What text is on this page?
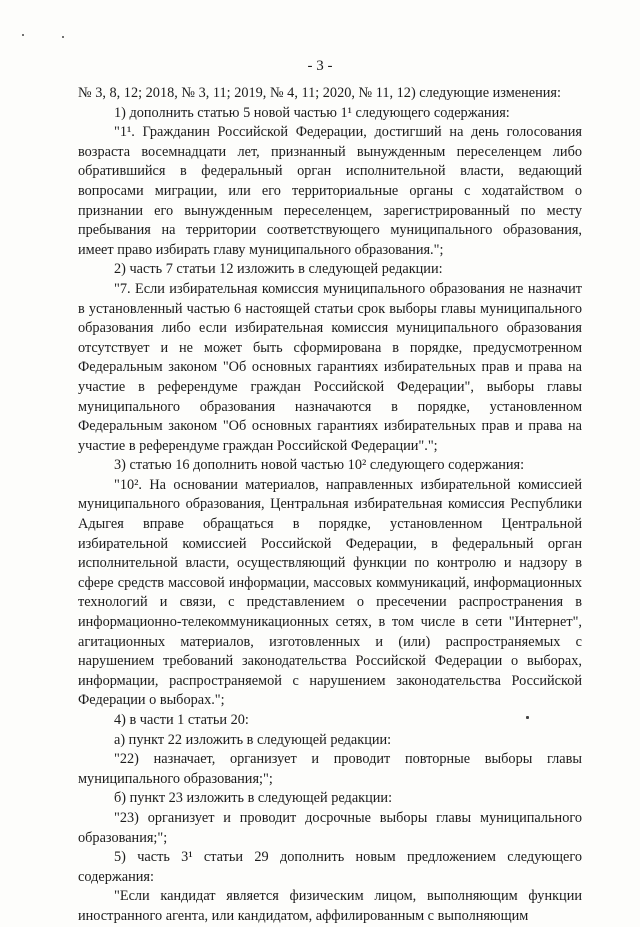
- 3 -

№ 3, 8, 12; 2018, № 3, 11; 2019, № 4, 11; 2020, № 11, 12) следующие изменения:

1) дополнить статью 5 новой частью 1¹ следующего содержания:

"1¹. Гражданин Российской Федерации, достигший на день голосования возраста восемнадцати лет, признанный вынужденным переселенцем либо обратившийся в федеральный орган исполнительной власти, ведающий вопросами миграции, или его территориальные органы с ходатайством о признании его вынужденным переселенцем, зарегистрированный по месту пребывания на территории соответствующего муниципального образования, имеет право избирать главу муниципального образования.";

2) часть 7 статьи 12 изложить в следующей редакции:

"7. Если избирательная комиссия муниципального образования не назначит в установленный частью 6 настоящей статьи срок выборы главы муниципального образования либо если избирательная комиссия муниципального образования отсутствует и не может быть сформирована в порядке, предусмотренном Федеральным законом "Об основных гарантиях избирательных прав и права на участие в референдуме граждан Российской Федерации", выборы главы муниципального образования назначаются в порядке, установленном Федеральным законом "Об основных гарантиях избирательных прав и права на участие в референдуме граждан Российской Федерации".";

3) статью 16 дополнить новой частью 10² следующего содержания:

"10². На основании материалов, направленных избирательной комиссией муниципального образования, Центральная избирательная комиссия Республики Адыгея вправе обращаться в порядке, установленном Центральной избирательной комиссией Российской Федерации, в федеральный орган исполнительной власти, осуществляющий функции по контролю и надзору в сфере средств массовой информации, массовых коммуникаций, информационных технологий и связи, с представлением о пресечении распространения в информационно-телекоммуникационных сетях, в том числе в сети "Интернет", агитационных материалов, изготовленных и (или) распространяемых с нарушением требований законодательства Российской Федерации о выборах, информации, распространяемой с нарушением законодательства Российской Федерации о выборах.";

4) в части 1 статьи 20:

а) пункт 22 изложить в следующей редакции:

"22) назначает, организует и проводит повторные выборы главы муниципального образования;";

б) пункт 23 изложить в следующей редакции:

"23) организует и проводит досрочные выборы главы муниципального образования;";

5) часть 3¹ статьи 29 дополнить новым предложением следующего содержания:

"Если кандидат является физическим лицом, выполняющим функции иностранного агента, или кандидатом, аффилированным с выполняющим
